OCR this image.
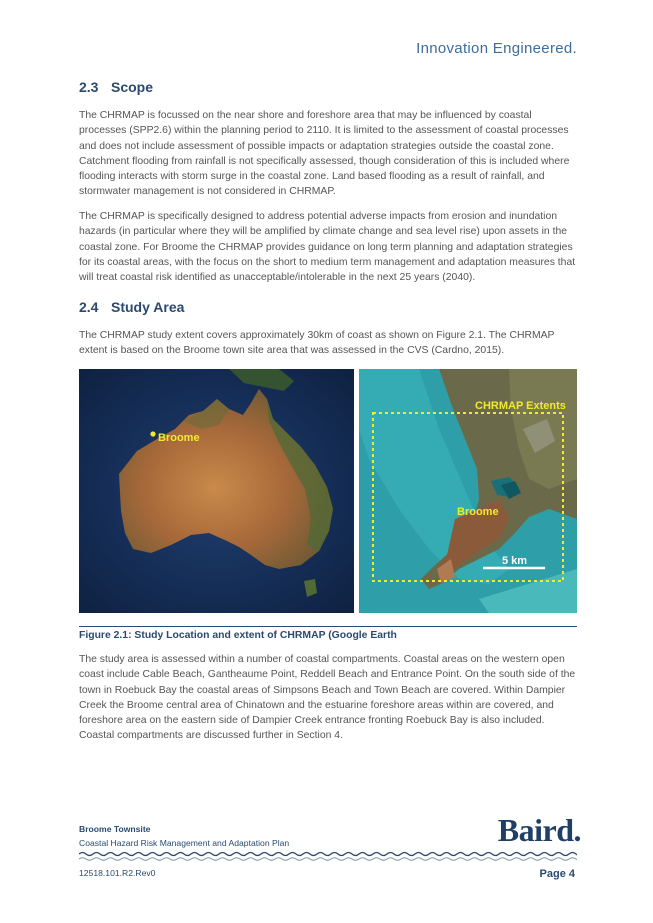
Innovation Engineered.
2.3 Scope

The CHRMAP is focussed on the near shore and foreshore area that may be influenced by coastal processes (SPP2.6) within the planning period to 2110. It is limited to the assessment of coastal processes and does not include assessment of possible impacts or adaptation strategies outside the coastal zone. Catchment flooding from rainfall is not specifically assessed, though consideration of this is included where flooding interacts with storm surge in the coastal zone. Land based flooding as a result of rainfall, and stormwater management is not considered in CHRMAP.

The CHRMAP is specifically designed to address potential adverse impacts from erosion and inundation hazards (in particular where they will be amplified by climate change and sea level rise) upon assets in the coastal zone. For Broome the CHRMAP provides guidance on long term planning and adaptation strategies for its coastal areas, with the focus on the short to medium term management and adaptation measures that will treat coastal risk identified as unacceptable/intolerable in the next 25 years (2040).

2.4 Study Area

The CHRMAP study extent covers approximately 30km of coast as shown on Figure 2.1. The CHRMAP extent is based on the Broome town site area that was assessed in the CVS (Cardno, 2015).

Broome
CHRMAP Extents
Broome
5 km
Figure 2.1: Study Location and extent of CHRMAP (Google Earth

The study area is assessed within a number of coastal compartments. Coastal areas on the western open coast include Cable Beach, Gantheaume Point, Reddell Beach and Entrance Point. On the south side of the town in Roebuck Bay the coastal areas of Simpsons Beach and Town Beach are covered. Within Dampier Creek the Broome central area of Chinatown and the estuarine foreshore areas within are covered, and foreshore area on the eastern side of Dampier Creek entrance fronting Roebuck Bay is also included. Coastal compartments are discussed further in Section 4.

Broome Townsite
Coastal Hazard Risk Management and Adaptation Plan	Baird.
12518.101.R2.Rev0	Page 4
